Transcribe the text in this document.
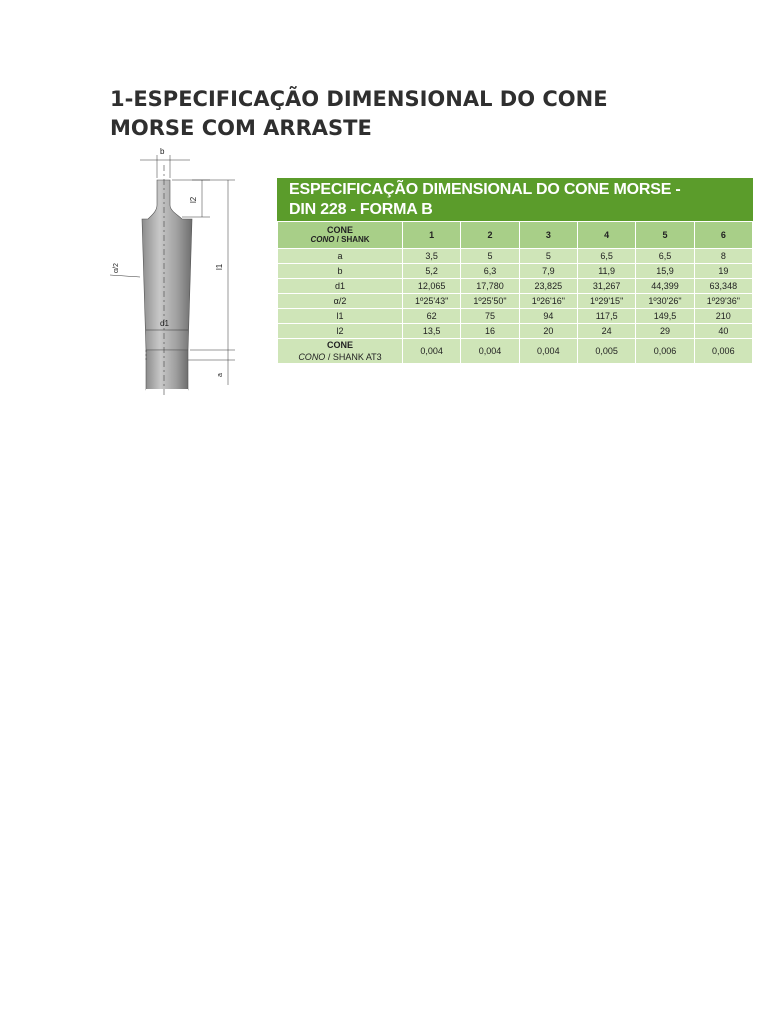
1-ESPECIFICAÇÃO DIMENSIONAL DO CONE
MORSE COM ARRASTE
b
l2
l1
α/2
d1
a
ESPECIFICAÇÃO DIMENSIONAL DO CONE MORSE -
DIN 228 - FORMA B
CONE
CONO / SHANK	1	2	3	4	5	6
a	3,5	5	5	6,5	6,5	8
b	5,2	6,3	7,9	11,9	15,9	19
d1	12,065	17,780	23,825	31,267	44,399	63,348
α/2	1º25'43"	1º25'50"	1º26'16"	1º29'15"	1º30'26"	1º29'36"
l1	62	75	94	117,5	149,5	210
l2	13,5	16	20	24	29	40

CONE
CONO / SHANK AT3	0,004	0,004	0,004	0,005	0,006	0,006
